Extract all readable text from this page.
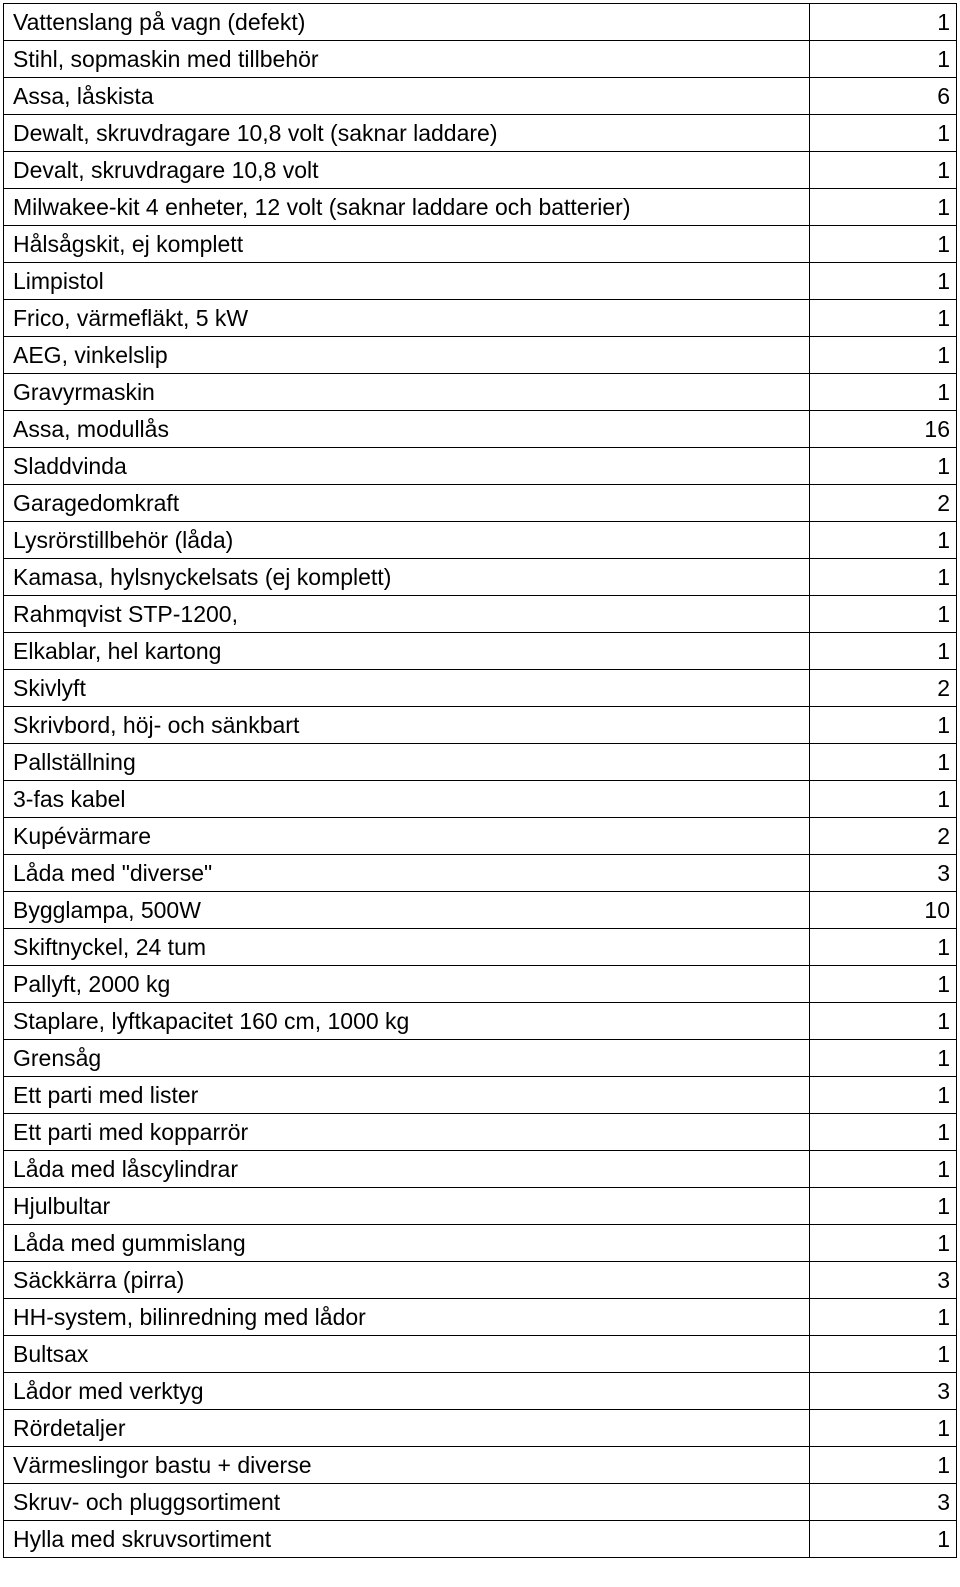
Vattenslang på vagn (defekt)	1
Stihl, sopmaskin med tillbehör	1
Assa, låskista	6
Dewalt, skruvdragare 10,8 volt (saknar laddare)	1
Devalt, skruvdragare 10,8 volt	1
Milwakee-kit 4 enheter, 12 volt (saknar laddare och batterier)	1
Hålsågskit, ej komplett	1
Limpistol	1
Frico, värmefläkt, 5 kW	1
AEG, vinkelslip	1
Gravyrmaskin	1
Assa, modullås	16
Sladdvinda	1
Garagedomkraft	2
Lysrörstillbehör (låda)	1
Kamasa, hylsnyckelsats (ej komplett)	1
Rahmqvist STP-1200,	1
Elkablar, hel kartong	1
Skivlyft	2
Skrivbord, höj- och sänkbart	1
Pallställning	1
3-fas kabel	1
Kupévärmare	2
Låda med "diverse"	3
Bygglampa, 500W	10
Skiftnyckel, 24 tum	1
Pallyft, 2000 kg	1
Staplare, lyftkapacitet 160 cm, 1000 kg	1
Grensåg	1
Ett parti med lister	1
Ett parti med kopparrör	1
Låda med låscylindrar	1
Hjulbultar	1
Låda med gummislang	1
Säckkärra (pirra)	3
HH-system, bilinredning med lådor	1
Bultsax	1
Lådor med verktyg	3
Rördetaljer	1
Värmeslingor bastu + diverse	1
Skruv- och pluggsortiment	3
Hylla med skruvsortiment	1
